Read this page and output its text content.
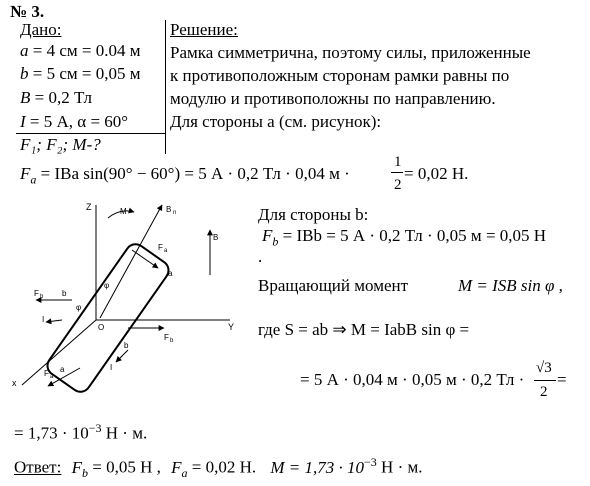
№ 3.
Дано:
a = 4 см = 0.04 м
b = 5 см = 0,05 м
B = 0,2 Тл
I = 5 А, α = 60°
F₁; F₂; M-?
Решение:
Рамка симметрична, поэтому силы, приложенные
к противоположным сторонам рамки равны по
модулю и противоположны по направлению.
Для стороны a (см. рисунок):
$F_a$ = IBa sin(90° − 60°) = 5 А · 0,2 Тл · 0,04 м ·
1
2
= 0,02 Н.
Для стороны b:
$F_b$ = IBb = 5 А · 0,2 Тл · 0,05 м = 0,05 Н
.
Вращающий момент	M = ISB sin φ ,
где S = ab ⇒ M = IabB sin φ =
= 5 А · 0,04 м · 0,05 м · 0,2 Тл ·
√3
2
=
= $1,73 \cdot 10^{-3}$ Н · м.
Ответ: $F_b = 0,05$ Н , $F_a = 0,02$ Н. $M = 1,73 \cdot 10^{-3}$ Н · м.
Z
Y
x
O
M	B n
B
F a
F a
F b
F b
a
a
b
b
I
I
φ
φ
